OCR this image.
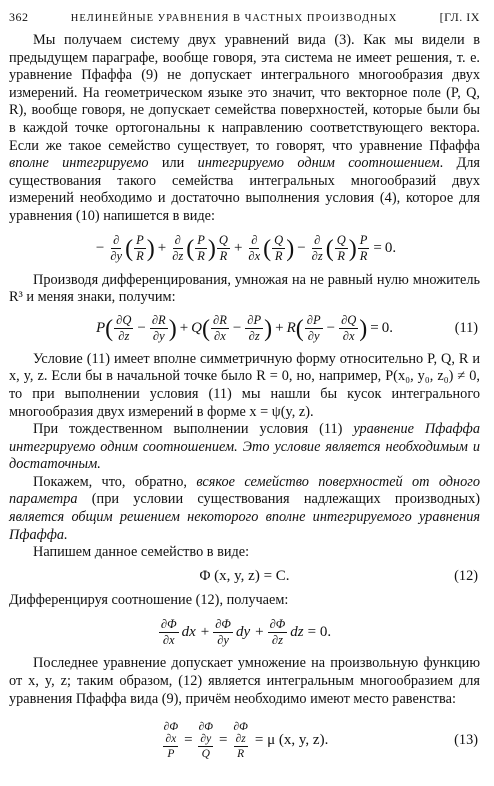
362	НЕЛИНЕЙНЫЕ УРАВНЕНИЯ В ЧАСТНЫХ ПРОИЗВОДНЫХ	[ГЛ. IX

Мы получаем систему двух уравнений вида (3). Как мы видели в предыдущем параграфе, вообще говоря, эта система не имеет решения, т. е. уравнение Пфаффа (9) не допускает интегрального многообразия двух измерений. На геометрическом языке это значит, что векторное поле (P, Q, R), вообще говоря, не допускает семейства поверхностей, которые были бы в каждой точке ортогональны к направлению соответствующего вектора. Если же такое семейство существует, то говорят, что уравнение Пфаффа вполне интегрируемо или интегрируемо одним соотношением. Для существования такого семейства интегральных многообразий двух измерений необходимо и достаточно выполнения условия (4), которое для уравнения (10) напишется в виде:

− ∂
∂y ( P
R ) + ∂
∂z ( P
R ) Q
R + ∂
∂x ( Q
R ) − ∂
∂z ( Q
R ) $\frac{P}{R} = 0$.

Производя дифференцирования, умножая на не равный нулю множитель R³ и меняя знаки, получим:

P ( ∂Q
$\partial z - \frac{\partial R}{\partial y}$ ) + Q ( ∂R
$\partial x - \frac{\partial P}{\partial z}$ ) + R ( ∂P
$\partial y - \frac{\partial Q}{\partial x}$ ) = 0.	(11)

Условие (11) имеет вполне симметричную форму относительно P, Q, R и x, y, z. Если бы в начальной точке было R = 0, но, например, P(x₀, y₀, z₀) ≠ 0, то при выполнении условия (11) мы нашли бы кусок интегрального многообразия двух измерений в форме x = ψ(y, z).

При тождественном выполнении условия (11) уравнение Пфаффа интегрируемо одним соотношением. Это условие является необходимым и достаточным.

Покажем, что, обратно, всякое семейство поверхностей от одного параметра (при условии существования надлежащих производных) является общим решением некоторого вполне интегрируемого уравнения Пфаффа.

Напишем данное семейство в виде:

Φ (x, y, z) = C.	(12)

Дифференцируя соотношение (12), получаем:

∂Φ
∂x dx + $\frac{\partial\Phi}{\partial y}$ dy + $\frac{\partial\Phi}{\partial z}$ dz = 0.

Последнее уравнение допускает умножение на произвольную функцию от x, y, z; таким образом, (12) является интегральным многообразием для уравнения Пфаффа вида (9), причём необходимо имеют место равенства:

∂Φ
∂x
P
=
∂Φ
∂y
Q
=
∂Φ
∂z
R
= μ (x, y, z).	(13)
